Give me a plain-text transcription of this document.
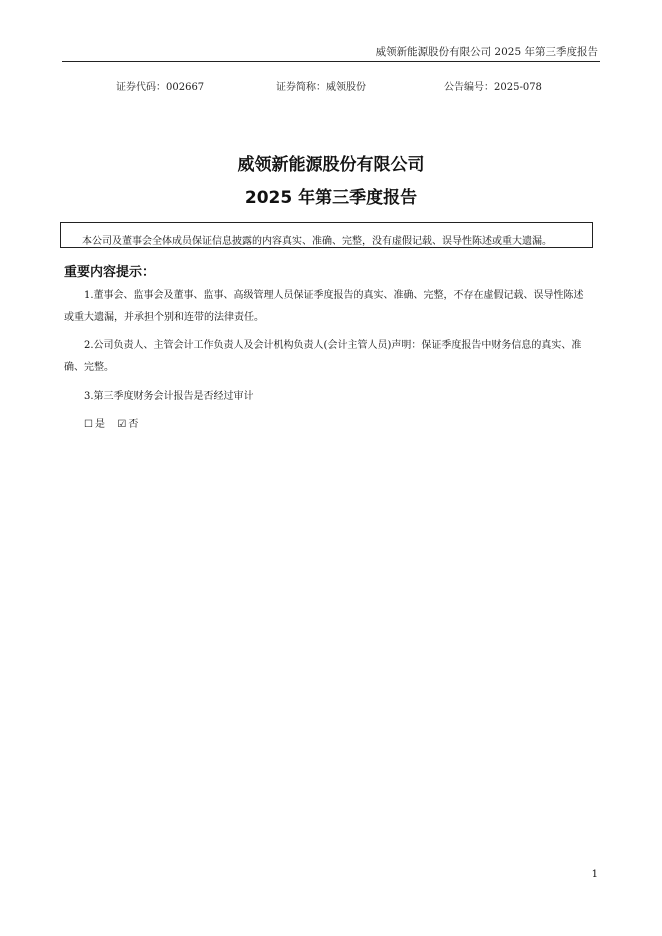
威领新能源股份有限公司 2025 年第三季度报告
证券代码：002667	证券简称：威领股份	公告编号：2025-078
威领新能源股份有限公司
2025 年第三季度报告
本公司及董事会全体成员保证信息披露的内容真实、准确、完整，没有虚假记载、误导性陈述或重大遗漏。
重要内容提示：
1.董事会、监事会及董事、监事、高级管理人员保证季度报告的真实、准确、完整，不存在虚假记载、误导性陈述
或重大遗漏，并承担个别和连带的法律责任。
2.公司负责人、主管会计工作负责人及会计机构负责人(会计主管人员)声明：保证季度报告中财务信息的真实、准
确、完整。
3.第三季度财务会计报告是否经过审计
☐ 是 ☑ 否
1
